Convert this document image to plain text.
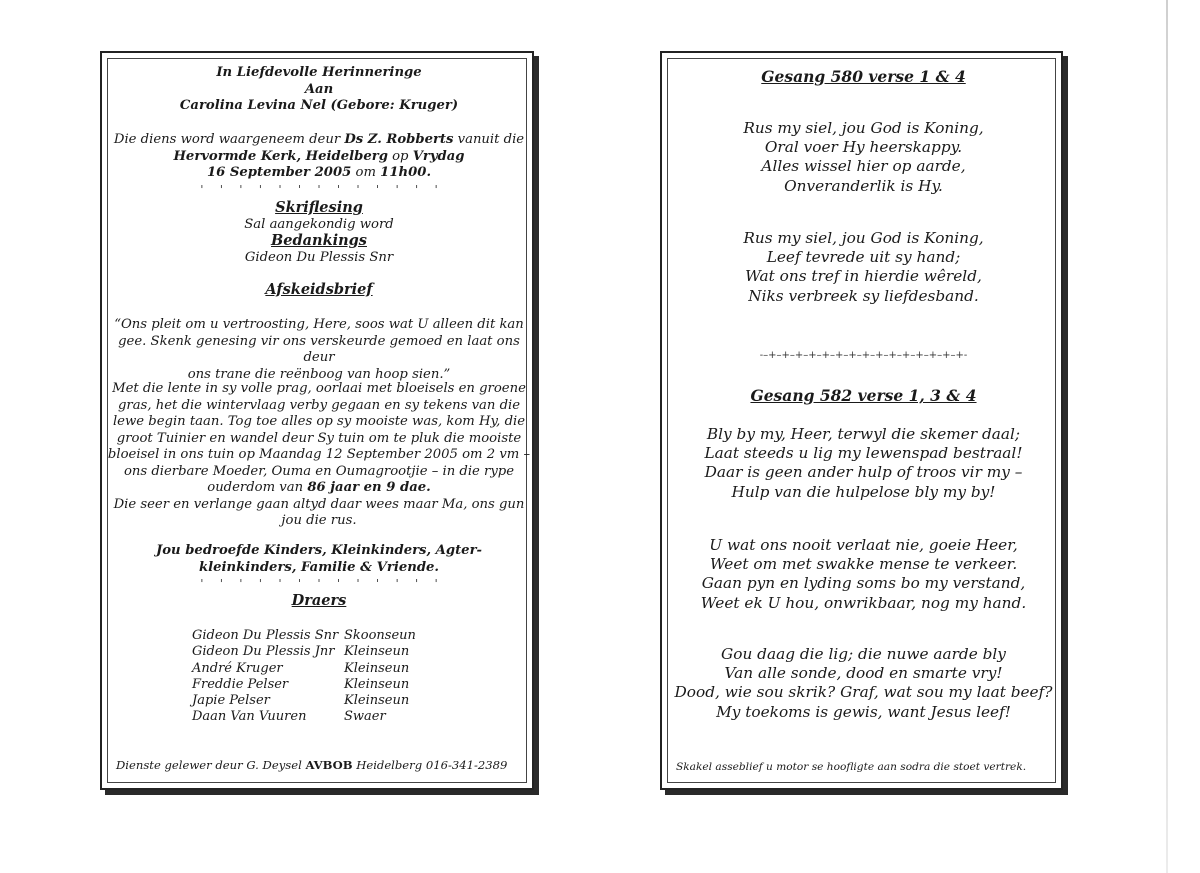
In Liefdevolle Herinneringe
Aan
Carolina Levina Nel (Gebore: Kruger)
Die diens word waargeneem deur Ds Z. Robberts vanuit die
Hervormde Kerk, Heidelberg op Vrydag
16 September 2005 om 11h00.
' ' ' ' ' ' ' ' ' ' ' ' '
Skriflesing
Sal aangekondig word
Bedankings
Gideon Du Plessis Snr
Afskeidsbrief
“Ons pleit om u vertroosting, Here, soos wat U alleen dit kan
gee. Skenk genesing vir ons verskeurde gemoed en laat ons deur
ons trane die reënboog van hoop sien.”
Met die lente in sy volle prag, oorlaai met bloeisels en groene
gras, het die wintervlaag verby gegaan en sy tekens van die
lewe begin taan. Tog toe alles op sy mooiste was, kom Hy, die
groot Tuinier en wandel deur Sy tuin om te pluk die mooiste
bloeisel in ons tuin op Maandag 12 September 2005 om 2 vm –
ons dierbare Moeder, Ouma en Oumagrootjie – in die rype
ouderdom van 86 jaar en 9 dae.
Die seer en verlange gaan altyd daar wees maar Ma, ons gun
jou die rus.
Jou bedroefde Kinders, Kleinkinders, Agter-
kleinkinders, Familie & Vriende.
' ' ' ' ' ' ' ' ' ' ' ' '
Draers
Gideon Du Plessis Snr	Skoonseun
Gideon Du Plessis Jnr	Kleinseun
André Kruger	Kleinseun
Freddie Pelser	Kleinseun
Japie Pelser	Kleinseun
Daan Van Vuuren	Swaer
Dienste gelewer deur G. Deysel AVBOB Heidelberg 016-341-2389
Gesang 580 verse 1 & 4
Rus my siel, jou God is Koning,
Oral voer Hy heerskappy.
Alles wissel hier op aarde,
Onveranderlik is Hy.
Rus my siel, jou God is Koning,
Leef tevrede uit sy hand;
Wat ons tref in hierdie wêreld,
Niks verbreek sy liefdesband.
-–+–+–+–+–+–+–+–+–+–+–+–+–+–+–+-
Gesang 582 verse 1, 3 & 4
Bly by my, Heer, terwyl die skemer daal;
Laat steeds u lig my lewenspad bestraal!
Daar is geen ander hulp of troos vir my –
Hulp van die hulpelose bly my by!
U wat ons nooit verlaat nie, goeie Heer,
Weet om met swakke mense te verkeer.
Gaan pyn en lyding soms bo my verstand,
Weet ek U hou, onwrikbaar, nog my hand.
Gou daag die lig; die nuwe aarde bly
Van alle sonde, dood en smarte vry!
Dood, wie sou skrik? Graf, wat sou my laat beef?
My toekoms is gewis, want Jesus leef!
Skakel asseblief u motor se hoofligte aan sodra die stoet vertrek.
